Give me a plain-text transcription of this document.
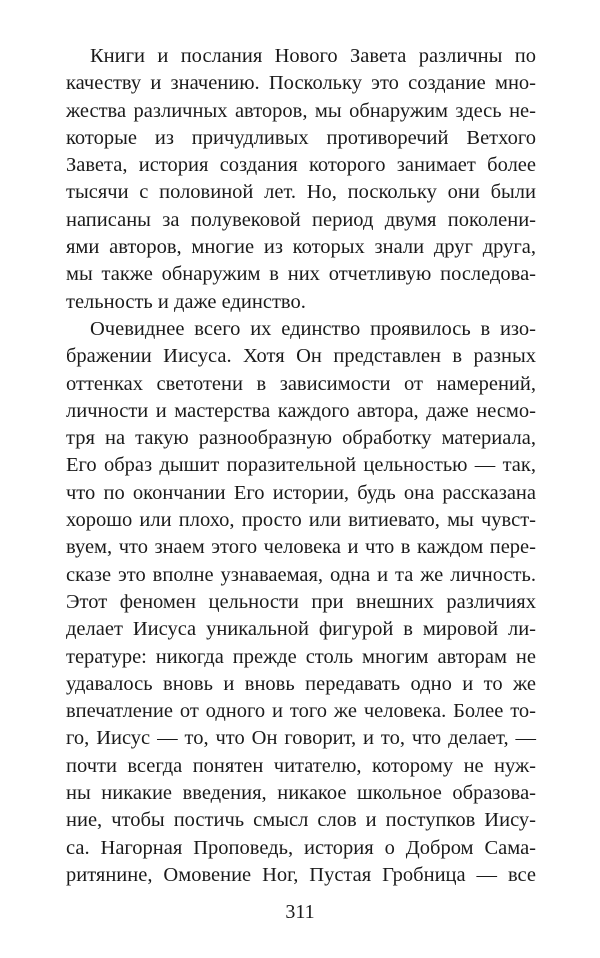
Книги и послания Нового Завета различны по
качеству и значению. Поскольку это создание мно-
жества различных авторов, мы обнаружим здесь не-
которые из причудливых противоречий Ветхого
Завета, история создания которого занимает более
тысячи с половиной лет. Но, поскольку они были
написаны за полувековой период двумя поколени-
ями авторов, многие из которых знали друг друга,
мы также обнаружим в них отчетливую последова-
тельность и даже единство.
Очевиднее всего их единство проявилось в изо-
бражении Иисуса. Хотя Он представлен в разных
оттенках светотени в зависимости от намерений,
личности и мастерства каждого автора, даже несмо-
тря на такую разнообразную обработку материала,
Его образ дышит поразительной цельностью — так,
что по окончании Его истории, будь она рассказана
хорошо или плохо, просто или витиевато, мы чувст-
вуем, что знаем этого человека и что в каждом пере-
сказе это вполне узнаваемая, одна и та же личность.
Этот феномен цельности при внешних различиях
делает Иисуса уникальной фигурой в мировой ли-
тературе: никогда прежде столь многим авторам не
удавалось вновь и вновь передавать одно и то же
впечатление от одного и того же человека. Более то-
го, Иисус — то, что Он говорит, и то, что делает, —
почти всегда понятен читателю, которому не нуж-
ны никакие введения, никакое школьное образова-
ние, чтобы постичь смысл слов и поступков Иису-
са. Нагорная Проповедь, история о Добром Сама-
ритянине, Омовение Ног, Пустая Гробница — все
311
